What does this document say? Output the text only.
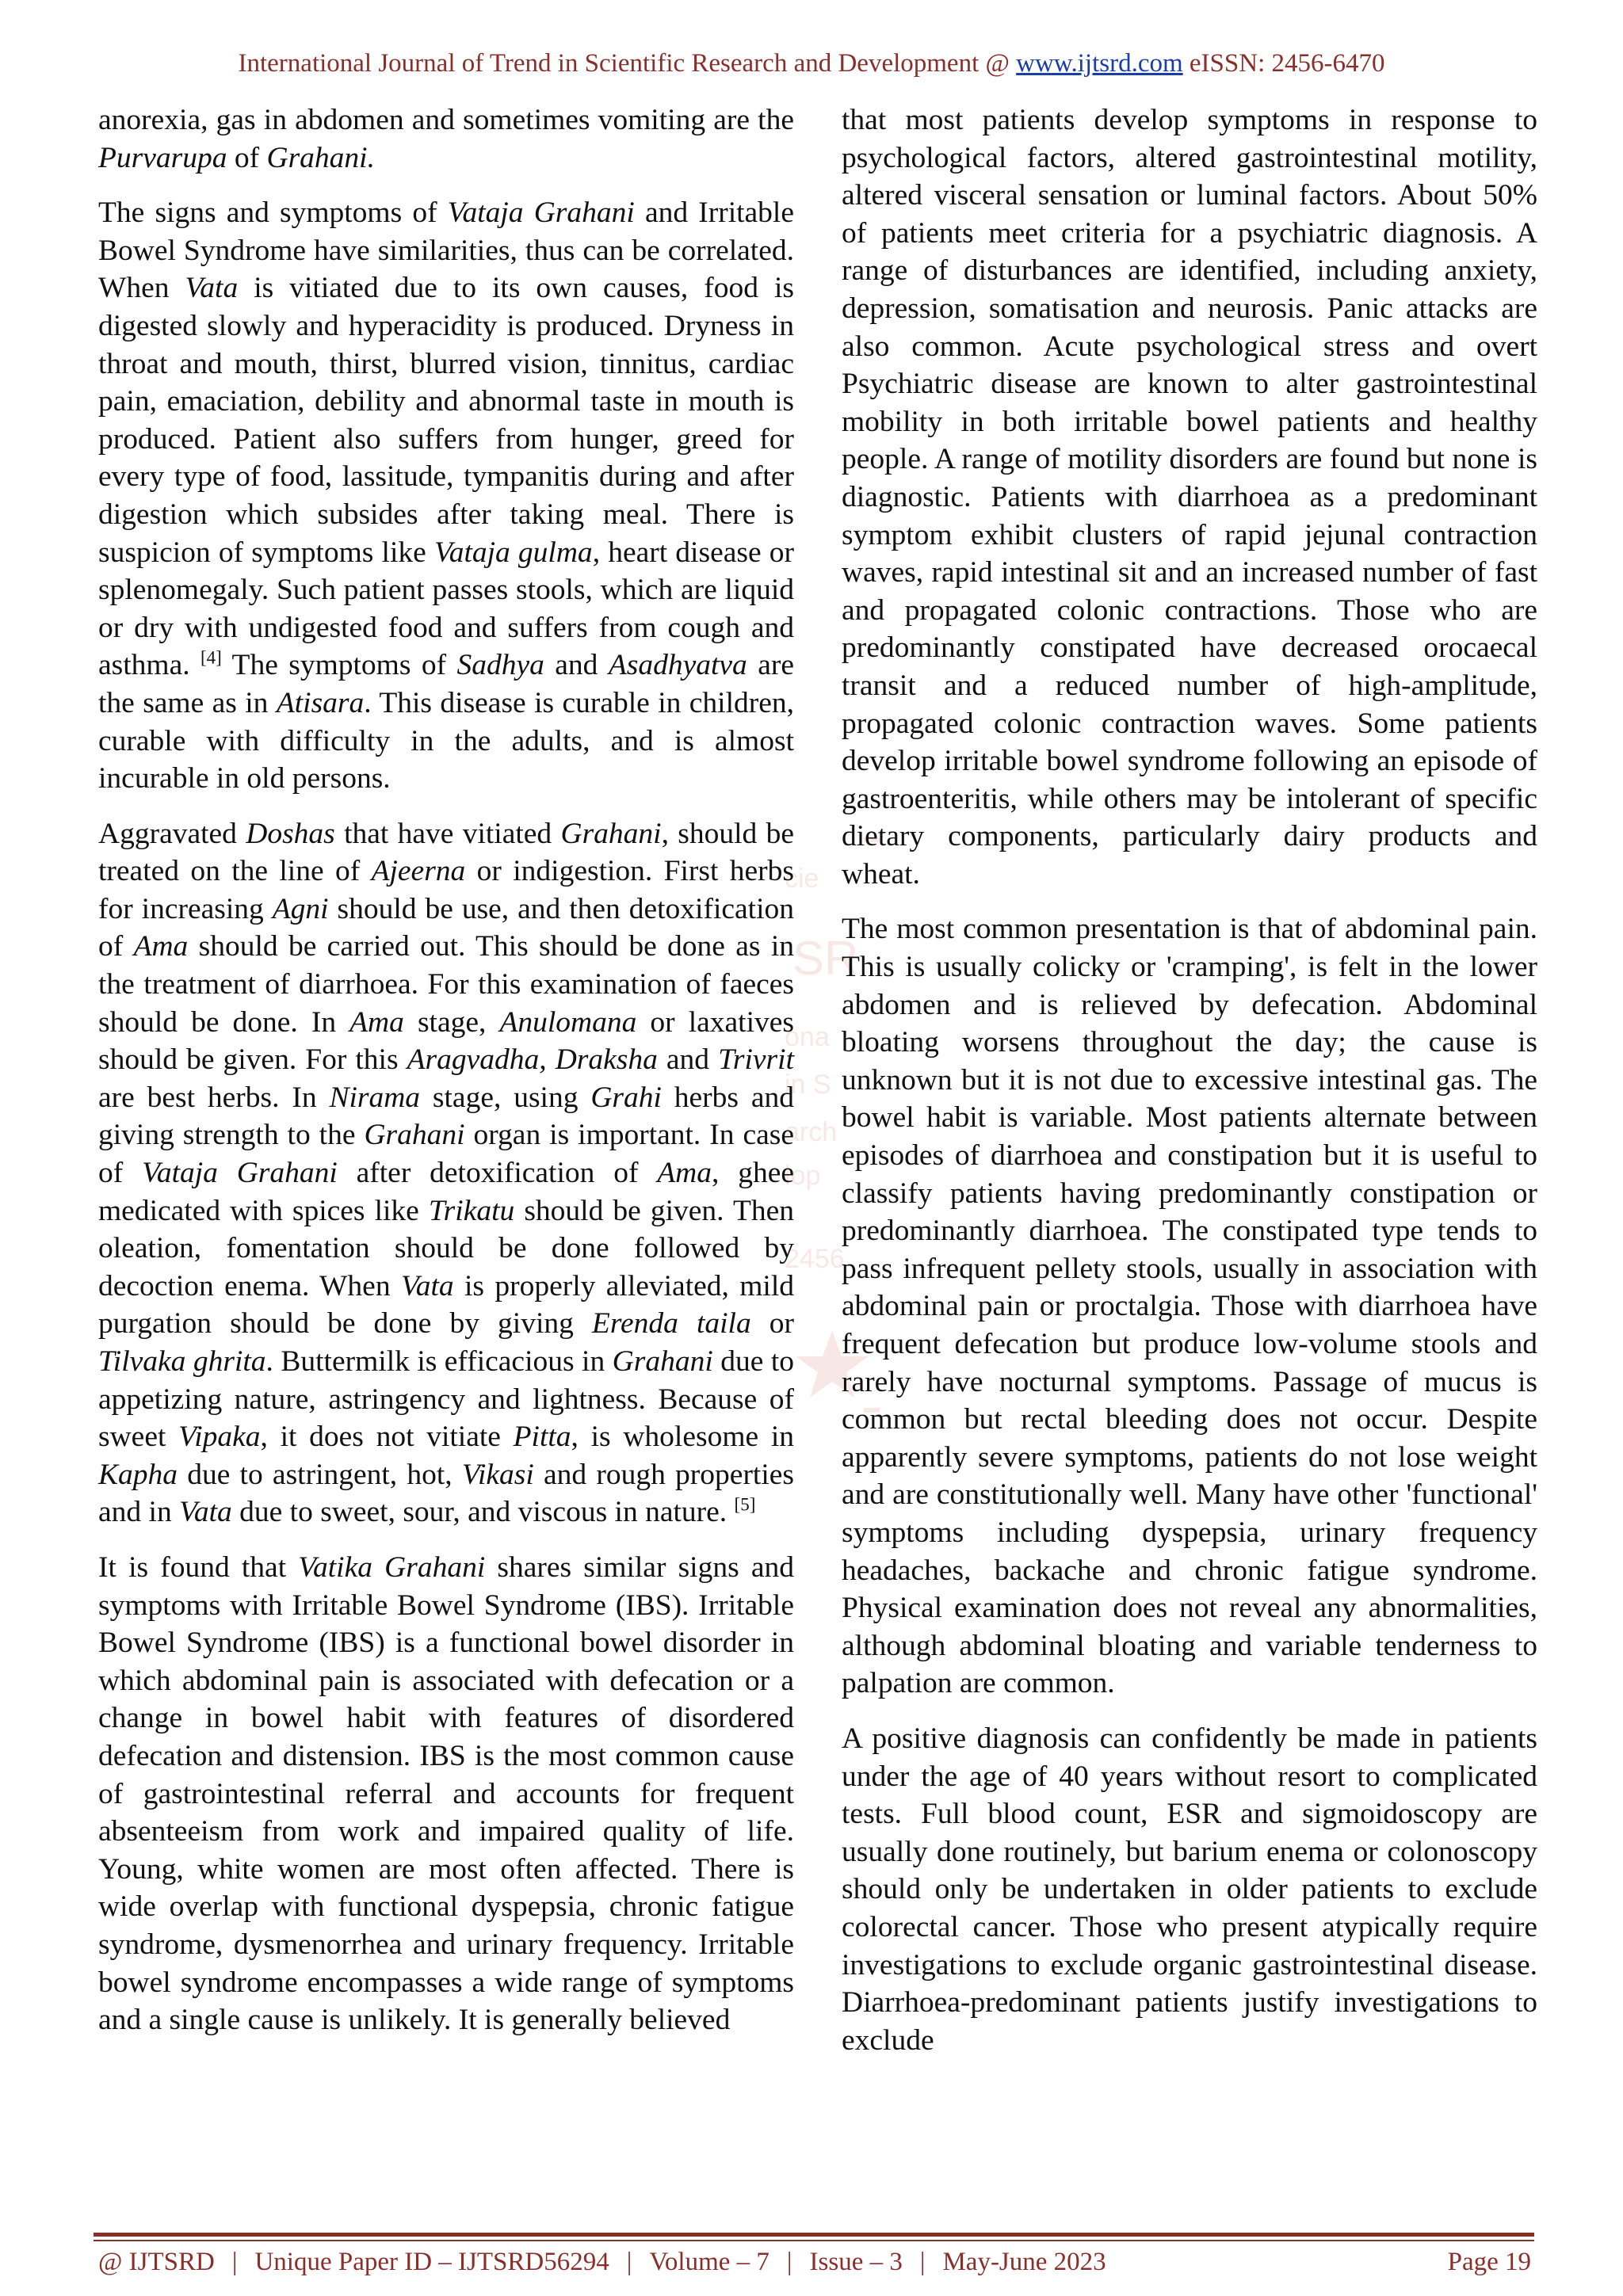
International Journal of Trend in Scientific Research and Development @ www.ijtsrd.com eISSN: 2456-6470
cie
SR
ona
in S
arch
lop
2456

anorexia, gas in abdomen and sometimes vomiting are the Purvarupa of Grahani.

The signs and symptoms of Vataja Grahani and Irritable Bowel Syndrome have similarities, thus can be correlated. When Vata is vitiated due to its own causes, food is digested slowly and hyperacidity is produced. Dryness in throat and mouth, thirst, blurred vision, tinnitus, cardiac pain, emaciation, debility and abnormal taste in mouth is produced. Patient also suffers from hunger, greed for every type of food, lassitude, tympanitis during and after digestion which subsides after taking meal. There is suspicion of symptoms like Vataja gulma, heart disease or splenomegaly. Such patient passes stools, which are liquid or dry with undigested food and suffers from cough and asthma. [4] The symptoms of Sadhya and Asadhyatva are the same as in Atisara. This disease is curable in children, curable with difficulty in the adults, and is almost incurable in old persons.

Aggravated Doshas that have vitiated Grahani, should be treated on the line of Ajeerna or indigestion. First herbs for increasing Agni should be use, and then detoxification of Ama should be carried out. This should be done as in the treatment of diarrhoea. For this examination of faeces should be done. In Ama stage, Anulomana or laxatives should be given. For this Aragvadha, Draksha and Trivrit are best herbs. In Nirama stage, using Grahi herbs and giving strength to the Grahani organ is important. In case of Vataja Grahani after detoxification of Ama, ghee medicated with spices like Trikatu should be given. Then oleation, fomentation should be done followed by decoction enema. When Vata is properly alleviated, mild purgation should be done by giving Erenda taila or Tilvaka ghrita. Buttermilk is efficacious in Grahani due to appetizing nature, astringency and lightness. Because of sweet Vipaka, it does not vitiate Pitta, is wholesome in Kapha due to astringent, hot, Vikasi and rough properties and in Vata due to sweet, sour, and viscous in nature. [5]

It is found that Vatika Grahani shares similar signs and symptoms with Irritable Bowel Syndrome (IBS). Irritable Bowel Syndrome (IBS) is a functional bowel disorder in which abdominal pain is associated with defecation or a change in bowel habit with features of disordered defecation and distension. IBS is the most common cause of gastrointestinal referral and accounts for frequent absenteeism from work and impaired quality of life. Young, white women are most often affected. There is wide overlap with functional dyspepsia, chronic fatigue syndrome, dysmenorrhea and urinary frequency. Irritable bowel syndrome encompasses a wide range of symptoms and a single cause is unlikely. It is generally believed

that most patients develop symptoms in response to psychological factors, altered gastrointestinal motility, altered visceral sensation or luminal factors. About 50% of patients meet criteria for a psychiatric diagnosis. A range of disturbances are identified, including anxiety, depression, somatisation and neurosis. Panic attacks are also common. Acute psychological stress and overt Psychiatric disease are known to alter gastrointestinal mobility in both irritable bowel patients and healthy people. A range of motility disorders are found but none is diagnostic. Patients with diarrhoea as a predominant symptom exhibit clusters of rapid jejunal contraction waves, rapid intestinal sit and an increased number of fast and propagated colonic contractions. Those who are predominantly constipated have decreased orocaecal transit and a reduced number of high-amplitude, propagated colonic contraction waves. Some patients develop irritable bowel syndrome following an episode of gastroenteritis, while others may be intolerant of specific dietary components, particularly dairy products and wheat.

The most common presentation is that of abdominal pain. This is usually colicky or 'cramping', is felt in the lower abdomen and is relieved by defecation. Abdominal bloating worsens throughout the day; the cause is unknown but it is not due to excessive intestinal gas. The bowel habit is variable. Most patients alternate between episodes of diarrhoea and constipation but it is useful to classify patients having predominantly constipation or predominantly diarrhoea. The constipated type tends to pass infrequent pellety stools, usually in association with abdominal pain or proctalgia. Those with diarrhoea have frequent defecation but produce low-volume stools and rarely have nocturnal symptoms. Passage of mucus is common but rectal bleeding does not occur. Despite apparently severe symptoms, patients do not lose weight and are constitutionally well. Many have other 'functional' symptoms including dyspepsia, urinary frequency headaches, backache and chronic fatigue syndrome. Physical examination does not reveal any abnormalities, although abdominal bloating and variable tenderness to palpation are common.

A positive diagnosis can confidently be made in patients under the age of 40 years without resort to complicated tests. Full blood count, ESR and sigmoidoscopy are usually done routinely, but barium enema or colonoscopy should only be undertaken in older patients to exclude colorectal cancer. Those who present atypically require investigations to exclude organic gastrointestinal disease. Diarrhoea-predominant patients justify investigations to exclude

@ IJTSRD | Unique Paper ID – IJTSRD56294 | Volume – 7 | Issue – 3 | May-June 2023	Page 19
